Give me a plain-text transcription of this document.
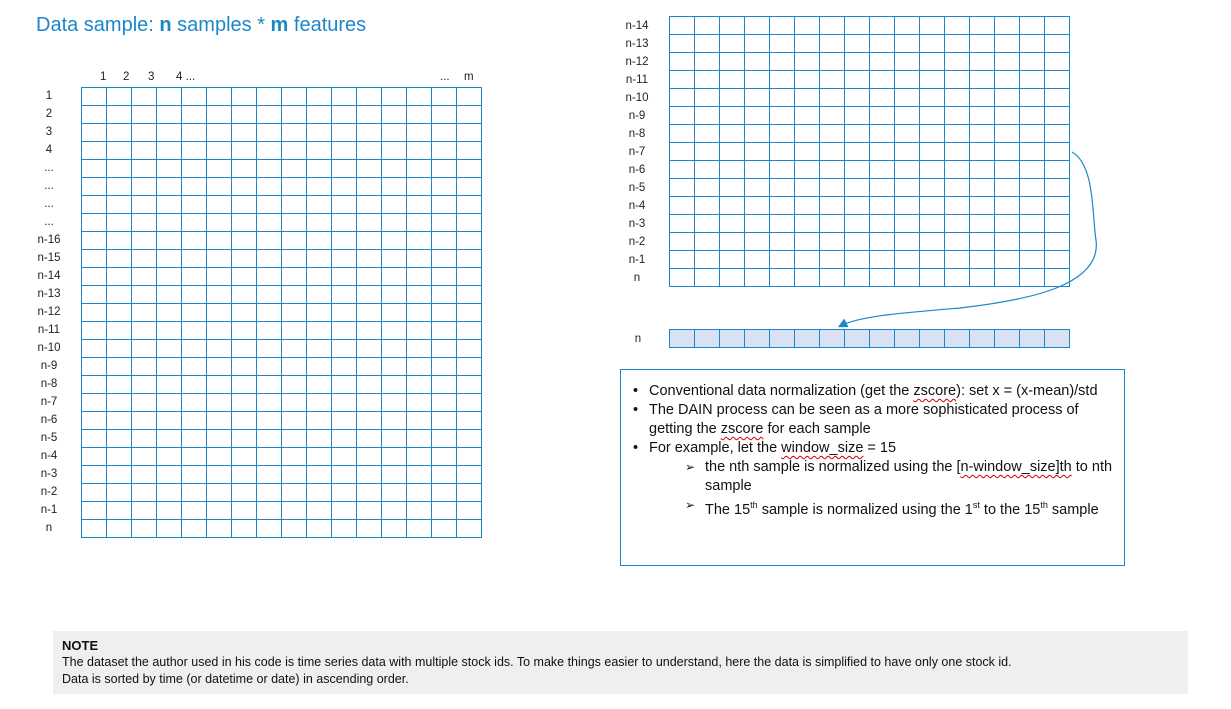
Data sample: n samples * m features
1 2 3 4 ...	... m
1
2
3
4
...
...
...
...
n-16
n-15
n-14
n-13
n-12
n-11
n-10
n-9
n-8
n-7
n-6
n-5
n-4
n-3
n-2
n-1
n

n-14
n-13
n-12
n-11
n-10
n-9
n-8
n-7
n-6
n-5
n-4
n-3
n-2
n-1
n

n

• Conventional data normalization (get the zscore): set x = (x-mean)/std
• The DAIN process can be seen as a more sophisticated process of getting the zscore for each sample
• For example, let the window_size = 15
➢ the nth sample is normalized using the [n-window_size]th to nth sample
➢ The 15th sample is normalized using the 1st to the 15th sample
NOTE
The dataset the author used in his code is time series data with multiple stock ids. To make things easier to understand, here the data is simplified to have only one stock id.
Data is sorted by time (or datetime or date) in ascending order.
